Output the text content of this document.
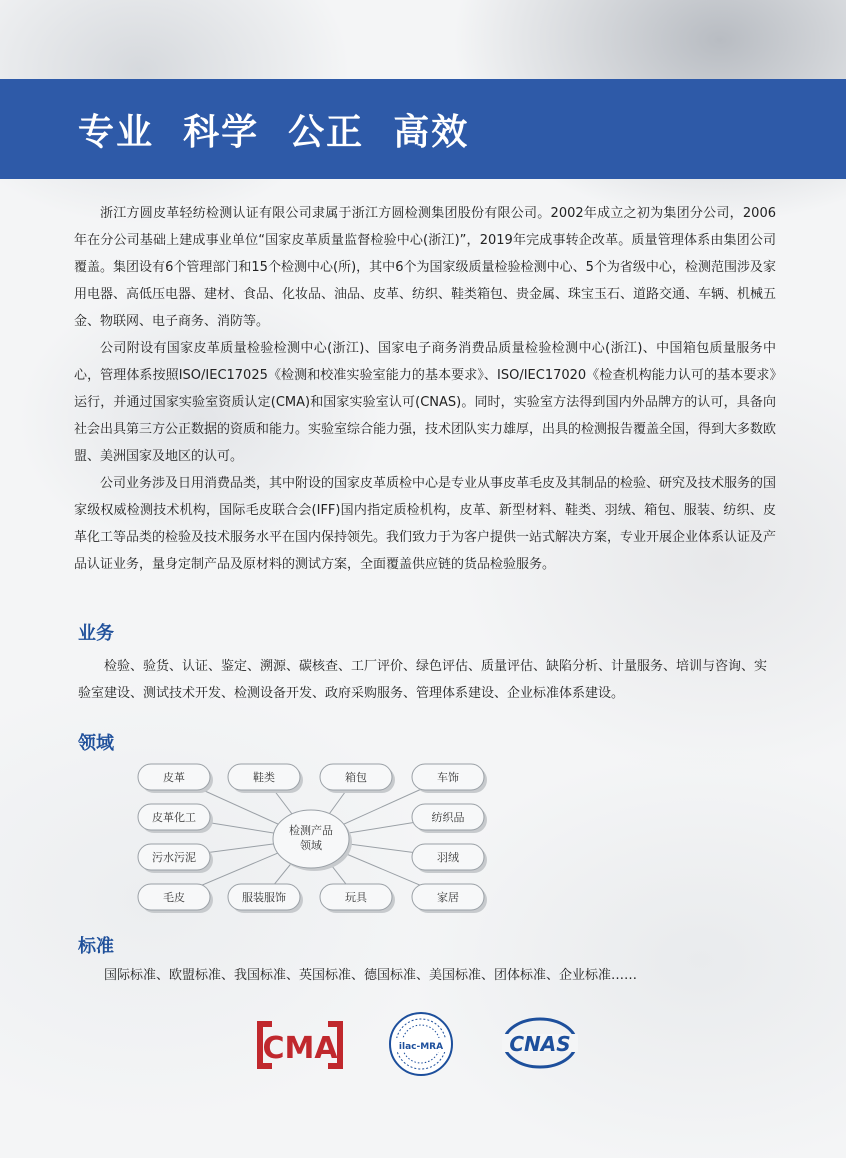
专业  科学  公正  高效

浙江方圆皮革轻纺检测认证有限公司隶属于浙江方圆检测集团股份有限公司。2002年成立之初为集团分公司，2006年在分公司基础上建成事业单位“国家皮革质量监督检验中心(浙江)”，2019年完成事转企改革。质量管理体系由集团公司覆盖。集团设有6个管理部门和15个检测中心(所)，其中6个为国家级质量检验检测中心、5个为省级中心，检测范围涉及家用电器、高低压电器、建材、食品、化妆品、油品、皮革、纺织、鞋类箱包、贵金属、珠宝玉石、道路交通、车辆、机械五金、物联网、电子商务、消防等。

公司附设有国家皮革质量检验检测中心(浙江)、国家电子商务消费品质量检验检测中心(浙江)、中国箱包质量服务中心，管理体系按照ISO/IEC17025《检测和校准实验室能力的基本要求》、ISO/IEC17020《检查机构能力认可的基本要求》运行，并通过国家实验室资质认定(CMA)和国家实验室认可(CNAS)。同时，实验室方法得到国内外品牌方的认可，具备向社会出具第三方公正数据的资质和能力。实验室综合能力强，技术团队实力雄厚，出具的检测报告覆盖全国，得到大多数欧盟、美洲国家及地区的认可。

公司业务涉及日用消费品类，其中附设的国家皮革质检中心是专业从事皮革毛皮及其制品的检验、研究及技术服务的国家级权威检测技术机构，国际毛皮联合会(IFF)国内指定质检机构，皮革、新型材料、鞋类、羽绒、箱包、服装、纺织、皮革化工等品类的检验及技术服务水平在国内保持领先。我们致力于为客户提供一站式解决方案，专业开展企业体系认证及产品认证业务，量身定制产品及原材料的测试方案，全面覆盖供应链的货品检验服务。

业务

检验、验货、认证、鉴定、溯源、碳核查、工厂评价、绿色评估、质量评估、缺陷分析、计量服务、培训与咨询、实验室建设、测试技术开发、检测设备开发、政府采购服务、管理体系建设、企业标准体系建设。

领域
皮革	鞋类	箱包	车饰
皮革化工	纺织品
污水污泥	羽绒
毛皮	服装服饰	玩具	家居
检测产品
领域
标准

国际标准、欧盟标准、我国标准、英国标准、德国标准、美国标准、团体标准、企业标准……

CMA	ilac-MRA	CNAS
